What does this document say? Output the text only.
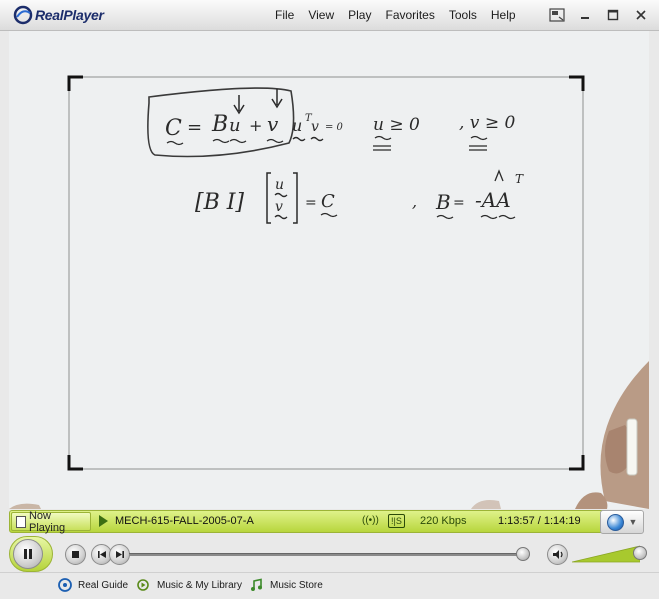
RealPlayer	File View Play Favorites Tools Help
C = B u + v u T
v = 0 u ≥ 0 , v ≥ 0
[B I]
u
v = C	, B = -AA
T
Now Playing
MECH-615-FALL-2005-07-A	((•))	!|S 220 Kbps	1:13:57 / 1:14:19	▼
Real Guide	Music & My Library	Music Store
